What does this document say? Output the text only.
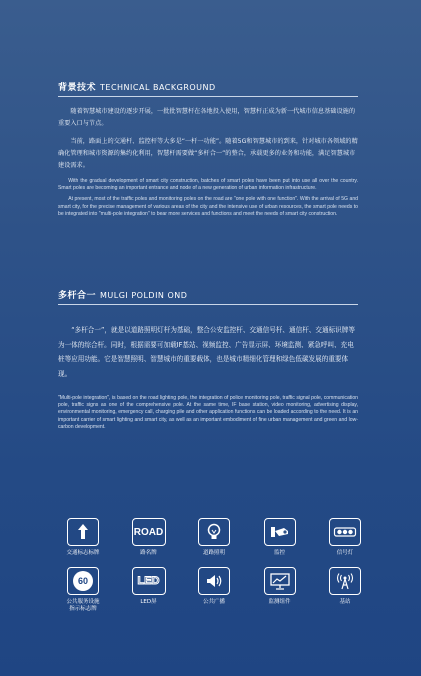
背景技术 TECHNICAL BACKGROUND

随着智慧城市建设的逐步开展，一批批智慧杆在各地投入使用，智慧杆正成为新一代城市信息基础设施的重要入口与节点。

当前，路面上的交通杆、监控杆等大多是“一杆一功能”。随着5G和智慧城市的到来，针对城市各领域的精确化管理和城市资源的集约化利用，智慧杆需要做“多杆合一”的整合，承载更多的业务和功能，满足智慧城市建设需求。

With the gradual development of smart city construction, batches of smart poles have been put into use all over the country. Smart poles are becoming an important entrance and node of a new generation of urban information infrastructure.

At present, most of the traffic poles and monitoring poles on the road are "one pole with one function". With the arrival of 5G and smart city, for the precise management of various areas of the city and the intensive use of urban resources, the smart pole needs to be integrated into "multi-pole integration" to bear more services and functions and meet the needs of smart city construction.

多杆合一 MULGI POLDIN OND

“多杆合一”，就是以道路照明灯杆为基础，整合公安监控杆、交通信号杆、通信杆、交通标识牌等为一体的综合杆。同时，根据需要可加载IF基站、视频监控、广告显示屏、环境监测、紧急呼叫、充电桩等应用功能。它是智慧照明、智慧城市的重要载体，也是城市精细化管理和绿色低碳发展的重要体现。

"Multi-pole integration", is based on the road lighting pole, the integration of police monitoring pole, traffic signal pole, communication pole, traffic signs as one of the comprehensive pole. At the same time, IF base station, video monitoring, advertising display, environmental monitoring, emergency call, charging pile and other application functions can be loaded according to the need. It is an important carrier of smart lighting and smart city, as well as an important embodiment of fine urban management and green and low-carbon development.

交通标志标牌
ROAD
路名牌	道路照明	监控	信号灯
60
公共服务设施
指示标志牌
LED
LED屏	公共广播	监测组件	基站
